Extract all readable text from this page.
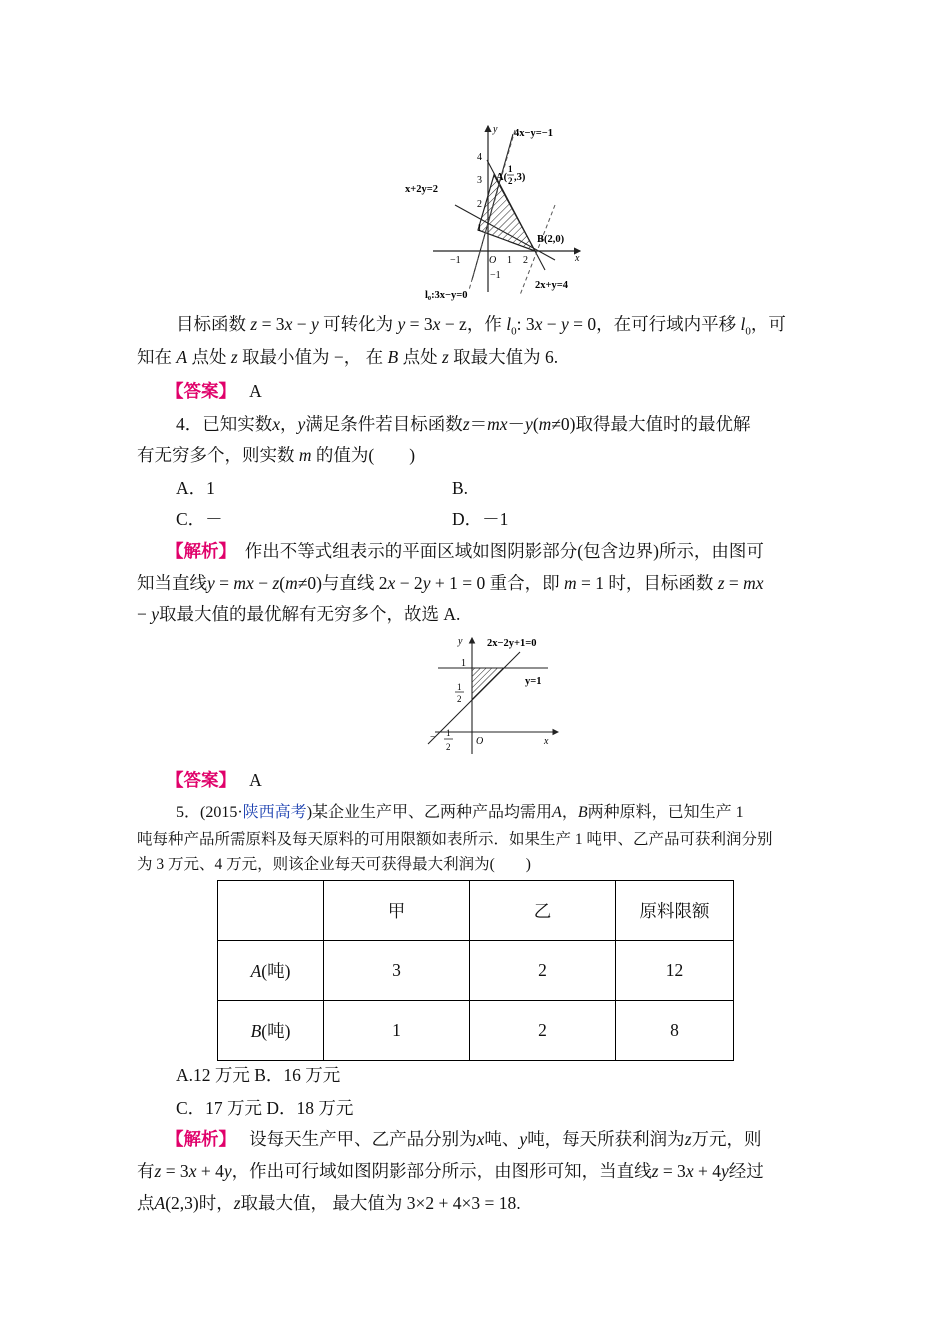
4x−y=−1
x+2y=2
A(
1
2 ,3)
B(2,0)
2x+y=4
l₀:3x−y=0
x
y
O
4
3
2
1
−1
−1	1 2
目标函数 z = 3x − y 可转化为 y = 3x − z，作 $l_0$: 3x − y = 0，在可行域内平移 $l_0$，可
知在 A 点处 z 取最小值为 −， 在 B 点处 z 取最大值为 6.
【答案】 A
4．已知实数x，y满足条件若目标函数z＝mx－y(m≠0)取得最大值时的最优解
有无穷多个，则实数 m 的值为(　　)
A．1	B.
C．－	D．－1
【解析】 作出不等式组表示的平面区域如图阴影部分(包含边界)所示，由图可
知当直线y = mx − z(m≠0)与直线 2x − 2y + 1 = 0 重合，即 m = 1 时，目标函数 z = mx
− y取最大值的最优解有无穷多个，故选 A.
2x−2y+1=0
y=1
y
x
O
1
1
2
− 1
2
【答案】 A
5．(2015·陕西高考)某企业生产甲、乙两种产品均需用A，B两种原料，已知生产 1
吨每种产品所需原料及每天原料的可用限额如表所示．如果生产 1 吨甲、乙产品可获利润分别
为 3 万元、4 万元，则该企业每天可获得最大利润为(　　)
	甲	乙	原料限额
A(吨)	3	2	12
B(吨)	1	2	8
A.12 万元 B．16 万元
C．17 万元 D．18 万元
【解析】 设每天生产甲、乙产品分别为x吨、y吨，每天所获利润为z万元，则
有z = 3x + 4y，作出可行域如图阴影部分所示，由图形可知，当直线z = 3x + 4y经过
点A(2,3)时，z取最大值， 最大值为 3×2 + 4×3 = 18.
